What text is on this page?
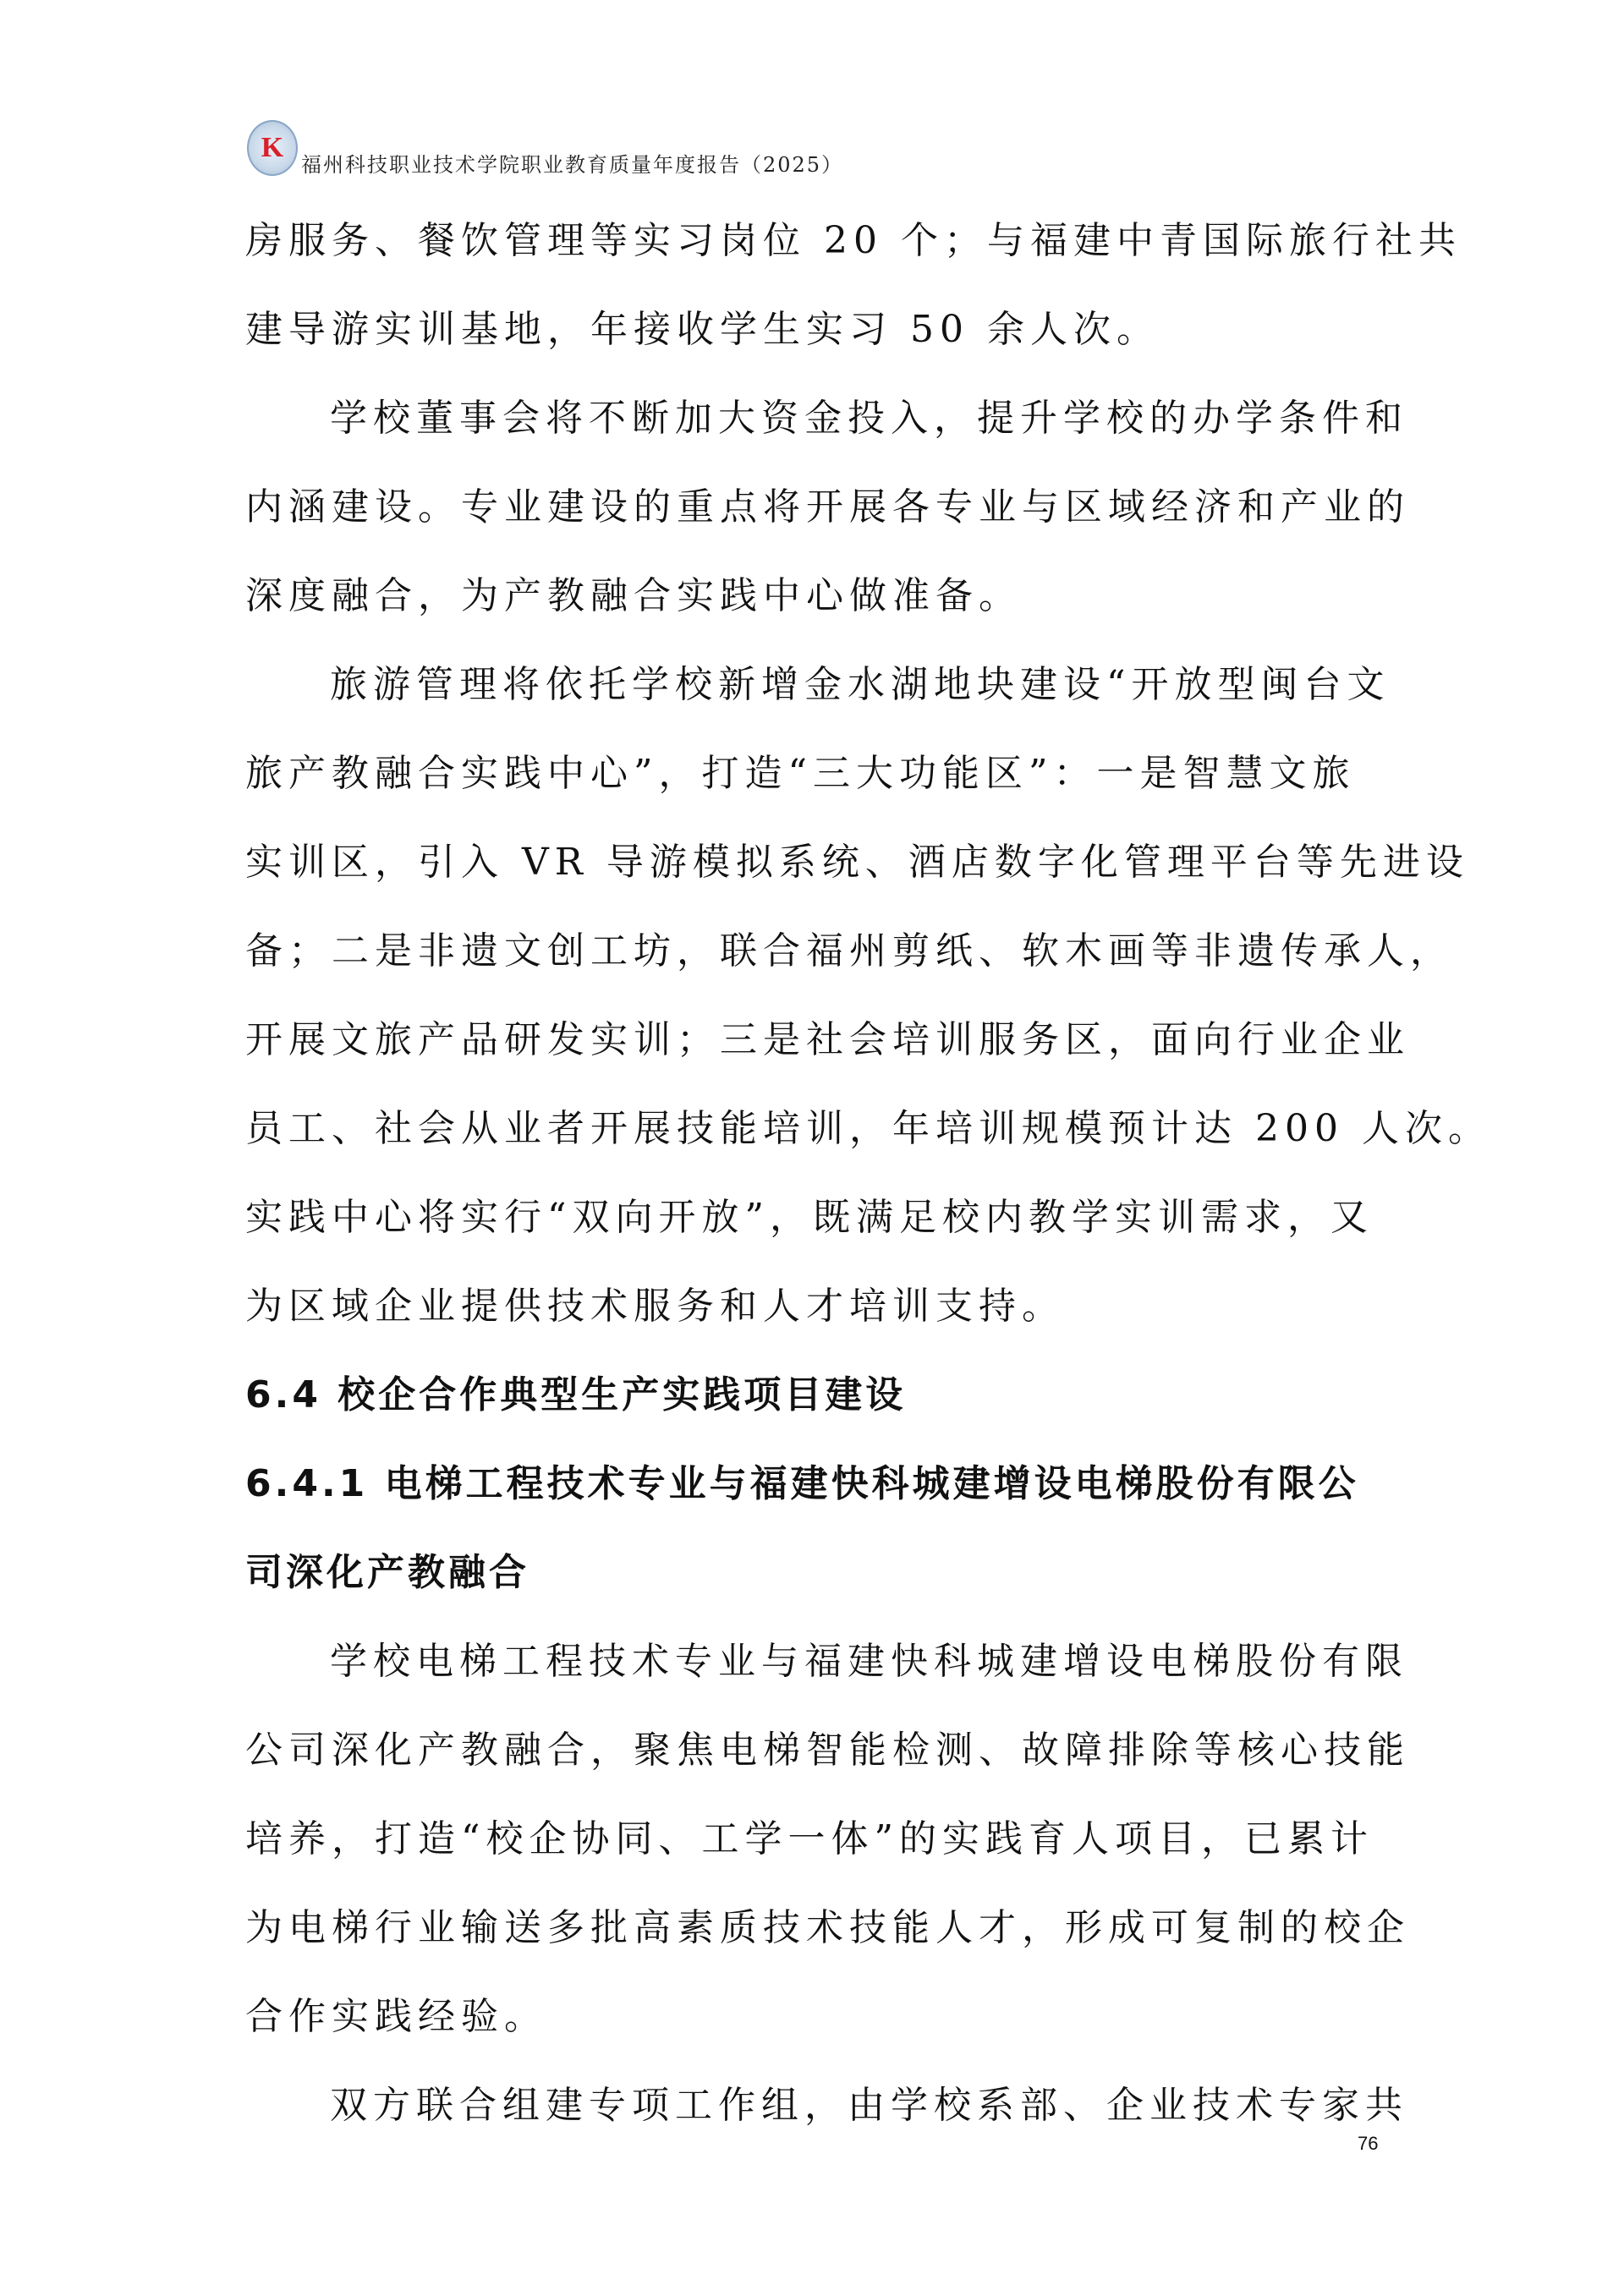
K
福州科技职业技术学院职业教育质量年度报告（2025）
房服务、餐饮管理等实习岗位 20 个；与福建中青国际旅行社共
建导游实训基地，年接收学生实习 50 余人次。
学校董事会将不断加大资金投入，提升学校的办学条件和
内涵建设。专业建设的重点将开展各专业与区域经济和产业的
深度融合，为产教融合实践中心做准备。
旅游管理将依托学校新增金水湖地块建设“开放型闽台文
旅产教融合实践中心”，打造“三大功能区”：一是智慧文旅
实训区，引入 VR 导游模拟系统、酒店数字化管理平台等先进设
备；二是非遗文创工坊，联合福州剪纸、软木画等非遗传承人，
开展文旅产品研发实训；三是社会培训服务区，面向行业企业
员工、社会从业者开展技能培训，年培训规模预计达 200 人次。
实践中心将实行“双向开放”，既满足校内教学实训需求，又
为区域企业提供技术服务和人才培训支持。
6.4 校企合作典型生产实践项目建设
6.4.1 电梯工程技术专业与福建快科城建增设电梯股份有限公
司深化产教融合
学校电梯工程技术专业与福建快科城建增设电梯股份有限
公司深化产教融合，聚焦电梯智能检测、故障排除等核心技能
培养，打造“校企协同、工学一体”的实践育人项目，已累计
为电梯行业输送多批高素质技术技能人才，形成可复制的校企
合作实践经验。
双方联合组建专项工作组，由学校系部、企业技术专家共
76
